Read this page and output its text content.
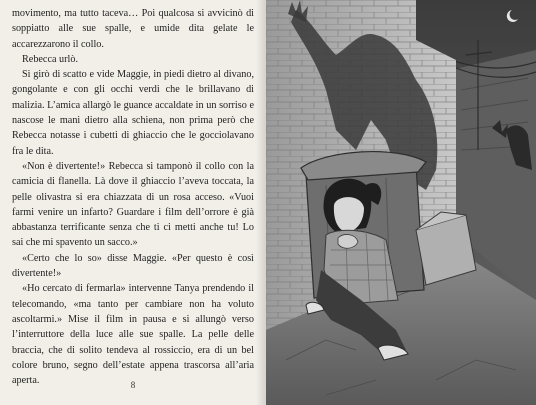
movimento, ma tutto taceva… Poi qualcosa si avvicinò di soppiatto alle sue spalle, e umide dita gelate le accarezzarono il collo.

Rebecca urlò.

Si girò di scatto e vide Maggie, in piedi dietro al divano, gongolante e con gli occhi verdi che le brillavano di malizia. L’amica allargò le guance accaldate in un sorriso e nascose le mani dietro alla schiena, non prima però che Rebecca notasse i cubetti di ghiaccio che le gocciolavano fra le dita.

«Non è divertente!» Rebecca si tamponò il collo con la camicia di flanella. Là dove il ghiaccio l’aveva toccata, la pelle olivastra si era chiazzata di un rosa acceso. «Vuoi farmi venire un infarto? Guardare i film dell’orrore è già abbastanza terrificante senza che ti ci metti anche tu! Lo sai che mi spavento un sacco.»

«Certo che lo so» disse Maggie. «Per questo è così divertente!»

«Ho cercato di fermarla» intervenne Tanya prendendo il telecomando, «ma tanto per cambiare non ha voluto ascoltarmi.» Mise il film in pausa e si allungò verso l’interruttore della luce alle sue spalle. La pelle delle braccia, che di solito tendeva al rossiccio, era di un bel colore bruno, segno dell’estate appena trascorsa all’aria aperta.	8
